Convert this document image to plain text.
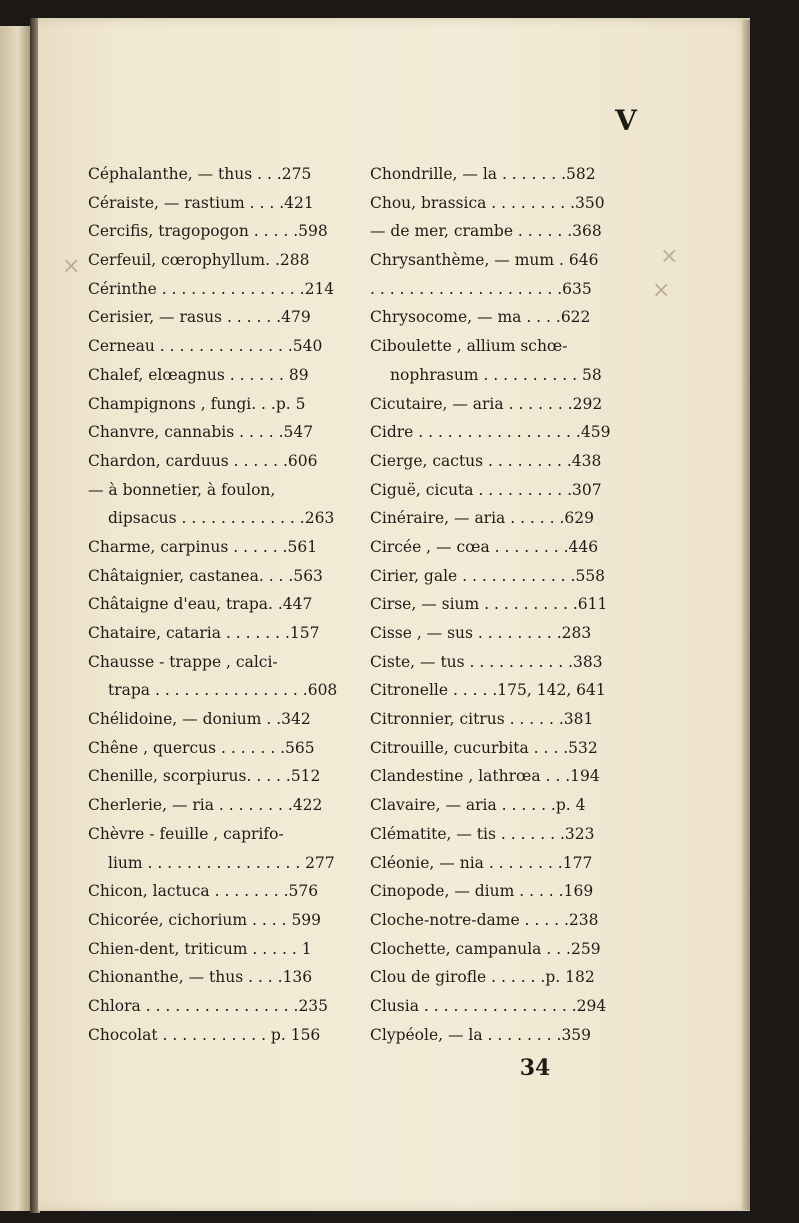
×	×
×
V
Céphalanthe, — thus . . .275
Céraiste, — rastium . . . .421
Cercifis, tragopogon . . . . .598
Cerfeuil, cœrophyllum. .288
Cérinthe . . . . . . . . . . . . . . .214
Cerisier, — rasus . . . . . .479
Cerneau . . . . . . . . . . . . . .540
Chalef, elœagnus . . . . . . 89
Champignons , fungi. . .p. 5
Chanvre, cannabis . . . . .547
Chardon, carduus . . . . . .606
— à bonnetier, à foulon,
dipsacus . . . . . . . . . . . . .263
Charme, carpinus . . . . . .561
Châtaignier, castanea. . . .563
Châtaigne d'eau, trapa. .447
Chataire, cataria . . . . . . .157
Chausse - trappe , calci-
trapa . . . . . . . . . . . . . . . .608
Chélidoine, — donium . .342
Chêne , quercus . . . . . . .565
Chenille, scorpiurus. . . . .512
Cherlerie, — ria . . . . . . . .422
Chèvre - feuille , caprifo-
lium . . . . . . . . . . . . . . . . 277
Chicon, lactuca . . . . . . . .576
Chicorée, cichorium . . . . 599
Chien-dent, triticum . . . . . 1
Chionanthe, — thus . . . .136
Chlora . . . . . . . . . . . . . . . .235
Chocolat . . . . . . . . . . . p. 156
Chondrille, — la . . . . . . .582
Chou, brassica . . . . . . . . .350
— de mer, crambe . . . . . .368
Chrysanthème, — mum . 646
. . . . . . . . . . . . . . . . . . . .635
Chrysocome, — ma . . . .622
Ciboulette , allium schœ-
nophrasum . . . . . . . . . . 58
Cicutaire, — aria . . . . . . .292
Cidre . . . . . . . . . . . . . . . . .459
Cierge, cactus . . . . . . . . .438
Ciguë, cicuta . . . . . . . . . .307
Cinéraire, — aria . . . . . .629
Circée , — cœa . . . . . . . .446
Cirier, gale . . . . . . . . . . . .558
Cirse, — sium . . . . . . . . . .611
Cisse , — sus . . . . . . . . .283
Ciste, — tus . . . . . . . . . . .383
Citronelle . . . . .175, 142, 641
Citronnier, citrus . . . . . .381
Citrouille, cucurbita . . . .532
Clandestine , lathrœa . . .194
Clavaire, — aria . . . . . .p. 4
Clématite, — tis . . . . . . .323
Cléonie, — nia . . . . . . . .177
Cinopode, — dium . . . . .169
Cloche-notre-dame . . . . .238
Clochette, campanula . . .259
Clou de girofle . . . . . .p. 182
Clusia . . . . . . . . . . . . . . . .294
Clypéole, — la . . . . . . . .359
34
